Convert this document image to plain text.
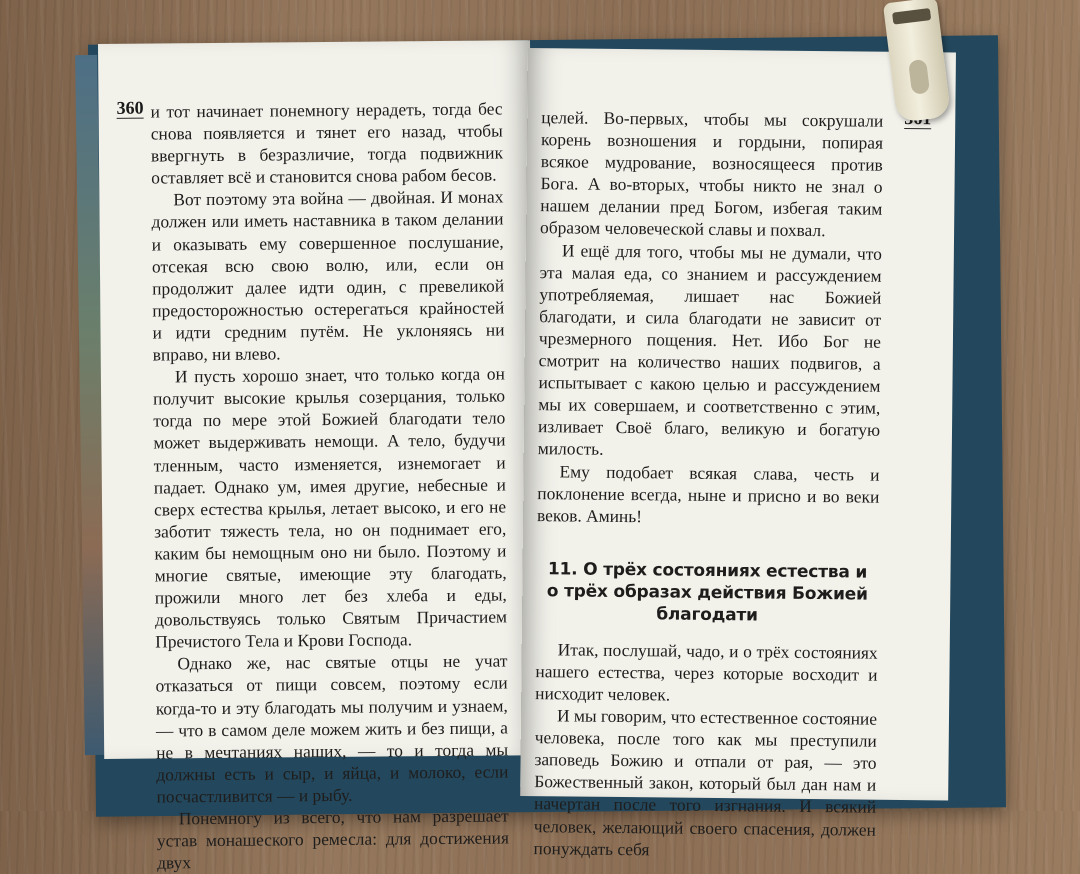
360 и тот начинает понемногу нерадеть, тогда бес снова появляется и тянет его назад, чтобы ввергнуть в безразличие, тогда подвижник оставляет всё и становится снова рабом бесов.

Вот поэтому эта война — двойная. И монах должен или иметь наставника в таком делании и оказывать ему совершенное послушание, отсекая всю свою волю, или, если он продолжит далее идти один, с превеликой предосторожностью остерегаться крайностей и идти средним путём. Не уклоняясь ни вправо, ни влево.

И пусть хорошо знает, что только когда он получит высокие крылья созерцания, только тогда по мере этой Божией благодати тело может выдерживать немощи. А тело, будучи тленным, часто изменяется, изнемогает и падает. Однако ум, имея другие, небесные и сверх естества крылья, летает высоко, и его не заботит тяжесть тела, но он поднимает его, каким бы немощным оно ни было. Поэтому и многие святые, имеющие эту благодать, прожили много лет без хлеба и еды, довольствуясь только Святым Причастием Пречистого Тела и Крови Господа.

Однако же, нас святые отцы не учат отказаться от пищи совсем, поэтому если когда-то и эту благодать мы получим и узнаем, — что в самом деле можем жить и без пищи, а не в мечтаниях наших, — то и тогда мы должны есть и сыр, и яйца, и молоко, если посчастливится — и рыбу.

Понемногу из всего, что нам разрешает устав монашеского ремесла: для достижения двух

целей. Во-первых, чтобы мы сокрушали корень возношения и гордыни, попирая всякое мудрование, возносящееся против Бога. А во-вторых, чтобы никто не знал о нашем делании пред Богом, избегая таким образом человеческой славы и похвал.

И ещё для того, чтобы мы не думали, что эта малая еда, со знанием и рассуждением употребляемая, лишает нас Божией благодати, и сила благодати не зависит от чрезмерного пощения. Нет. Ибо Бог не смотрит на количество наших подвигов, а испытывает с какою целью и рассуждением мы их совершаем, и соответственно с этим, изливает Своё благо, великую и богатую милость.

Ему подобает всякая слава, честь и поклонение всегда, ныне и присно и во веки веков. Аминь!

11. О трёх состояниях естества и о трёх образах действия Божией благодати

Итак, послушай, чадо, и о трёх состояниях нашего естества, через которые восходит и нисходит человек.

И мы говорим, что естественное состояние человека, после того как мы преступили заповедь Божию и отпали от рая, — это Божественный закон, который был дан нам и начертан после того изгнания. И всякий человек, желающий своего спасения, должен понуждать себя
